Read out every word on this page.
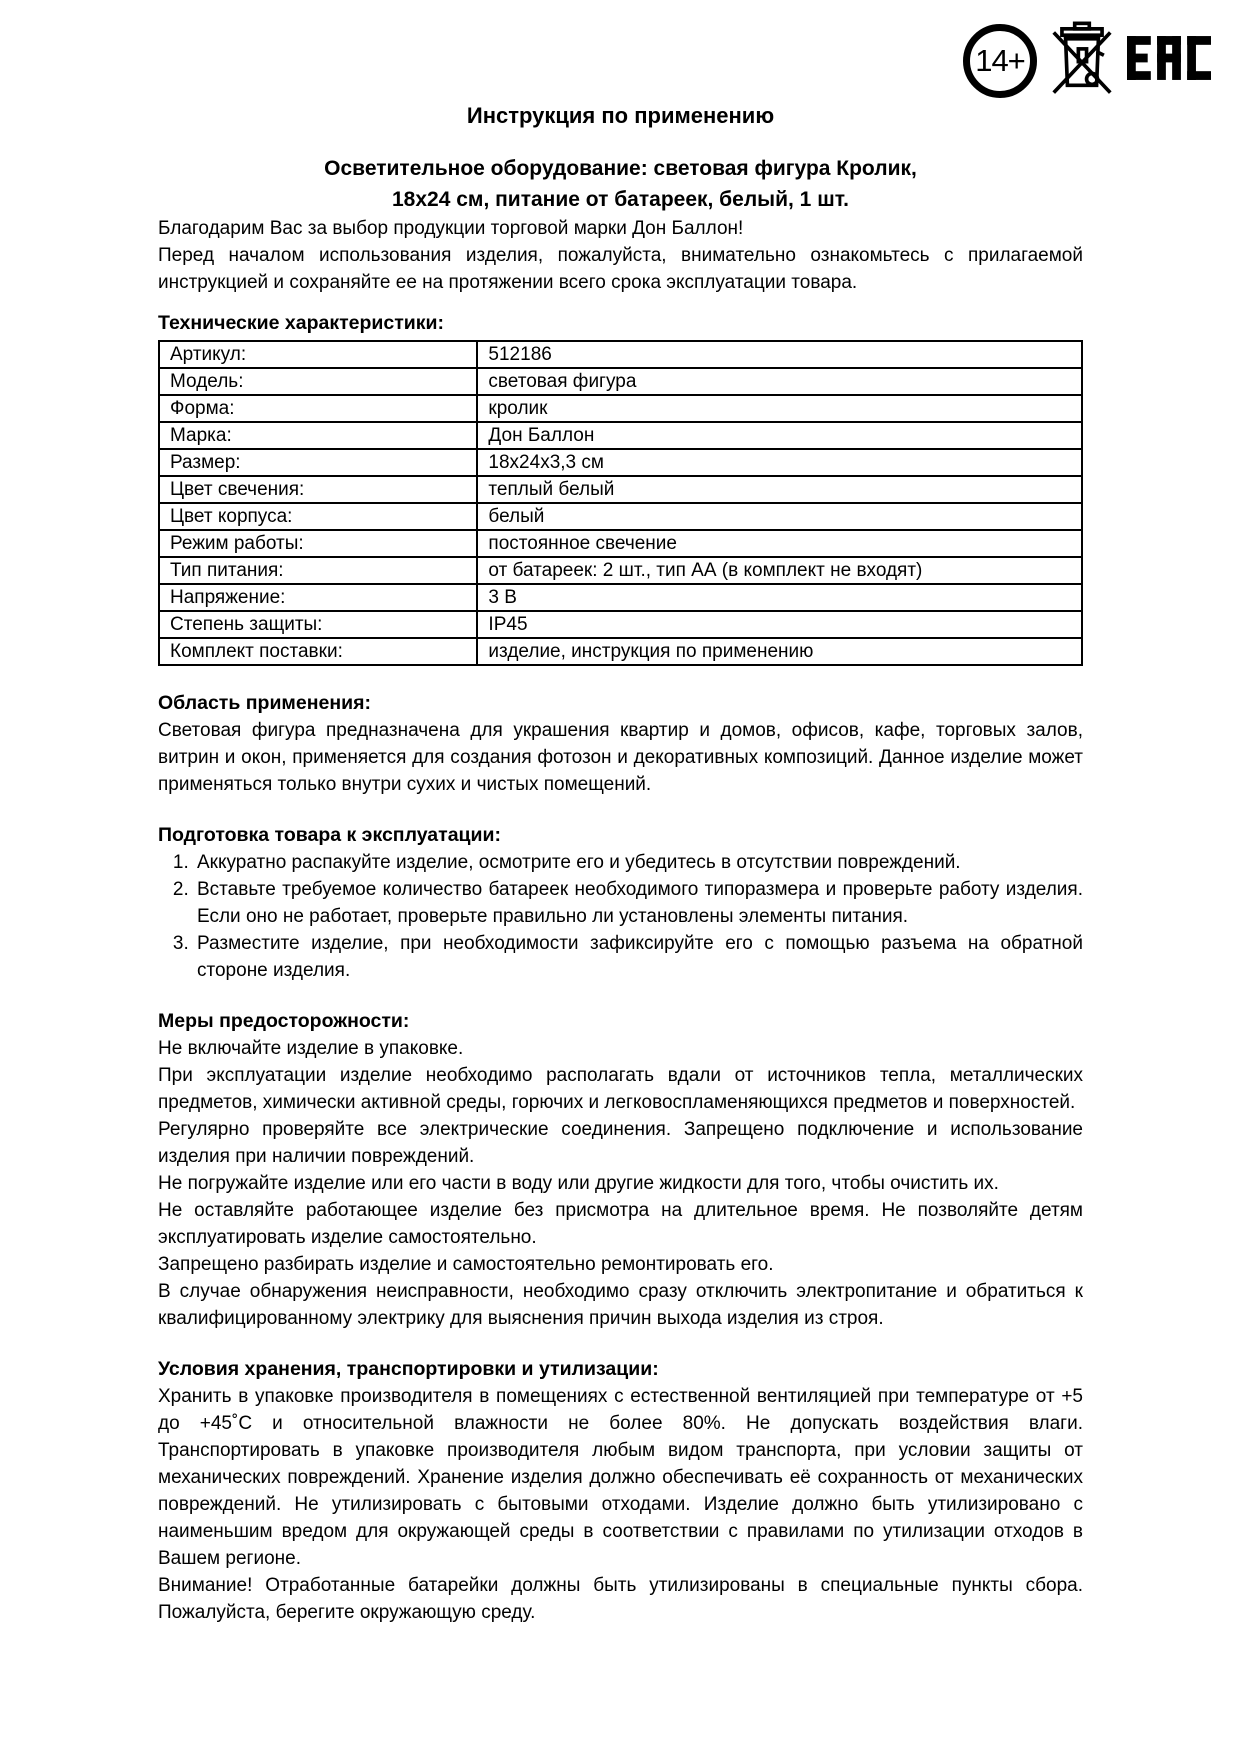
14+
Инструкция по применению
Осветительное оборудование: световая фигура Кролик,
18х24 см, питание от батареек, белый, 1 шт.

Благодарим Вас за выбор продукции торговой марки Дон Баллон!

Перед началом использования изделия, пожалуйста, внимательно ознакомьтесь с прилагаемой инструкцией и сохраняйте ее на протяжении всего срока эксплуатации товара.

Технические характеристики:
Артикул:	512186
Модель:	световая фигура
Форма:	кролик
Марка:	Дон Баллон
Размер:	18х24х3,3 см
Цвет свечения:	теплый белый
Цвет корпуса:	белый
Режим работы:	постоянное свечение
Тип питания:	от батареек: 2 шт., тип АА (в комплект не входят)
Напряжение:	3 В
Степень защиты:	IP45
Комплект поставки:	изделие, инструкция по применению
Область применения:

Световая фигура предназначена для украшения квартир и домов, офисов, кафе, торговых залов, витрин и окон, применяется для создания фотозон и декоративных композиций. Данное изделие может применяться только внутри сухих и чистых помещений.

Подготовка товара к эксплуатации:
1. Аккуратно распакуйте изделие, осмотрите его и убедитесь в отсутствии повреждений.
2. Вставьте требуемое количество батареек необходимого типоразмера и проверьте работу изделия. Если оно не работает, проверьте правильно ли установлены элементы питания.
3. Разместите изделие, при необходимости зафиксируйте его с помощью разъема на обратной стороне изделия.
Меры предосторожности:

Не включайте изделие в упаковке.

При эксплуатации изделие необходимо располагать вдали от источников тепла, металлических предметов, химически активной среды, горючих и легковоспламеняющихся предметов и поверхностей.

Регулярно проверяйте все электрические соединения. Запрещено подключение и использование изделия при наличии повреждений.

Не погружайте изделие или его части в воду или другие жидкости для того, чтобы очистить их.

Не оставляйте работающее изделие без присмотра на длительное время. Не позволяйте детям эксплуатировать изделие самостоятельно.

Запрещено разбирать изделие и самостоятельно ремонтировать его.

В случае обнаружения неисправности, необходимо сразу отключить электропитание и обратиться к квалифицированному электрику для выяснения причин выхода изделия из строя.

Условия хранения, транспортировки и утилизации:

Хранить в упаковке производителя в помещениях с естественной вентиляцией при температуре от +5 до +45˚С и относительной влажности не более 80%. Не допускать воздействия влаги. Транспортировать в упаковке производителя любым видом транспорта, при условии защиты от механических повреждений. Хранение изделия должно обеспечивать её сохранность от механических повреждений. Не утилизировать с бытовыми отходами. Изделие должно быть утилизировано с наименьшим вредом для окружающей среды в соответствии с правилами по утилизации отходов в Вашем регионе.

Внимание! Отработанные батарейки должны быть утилизированы в специальные пункты сбора. Пожалуйста, берегите окружающую среду.
